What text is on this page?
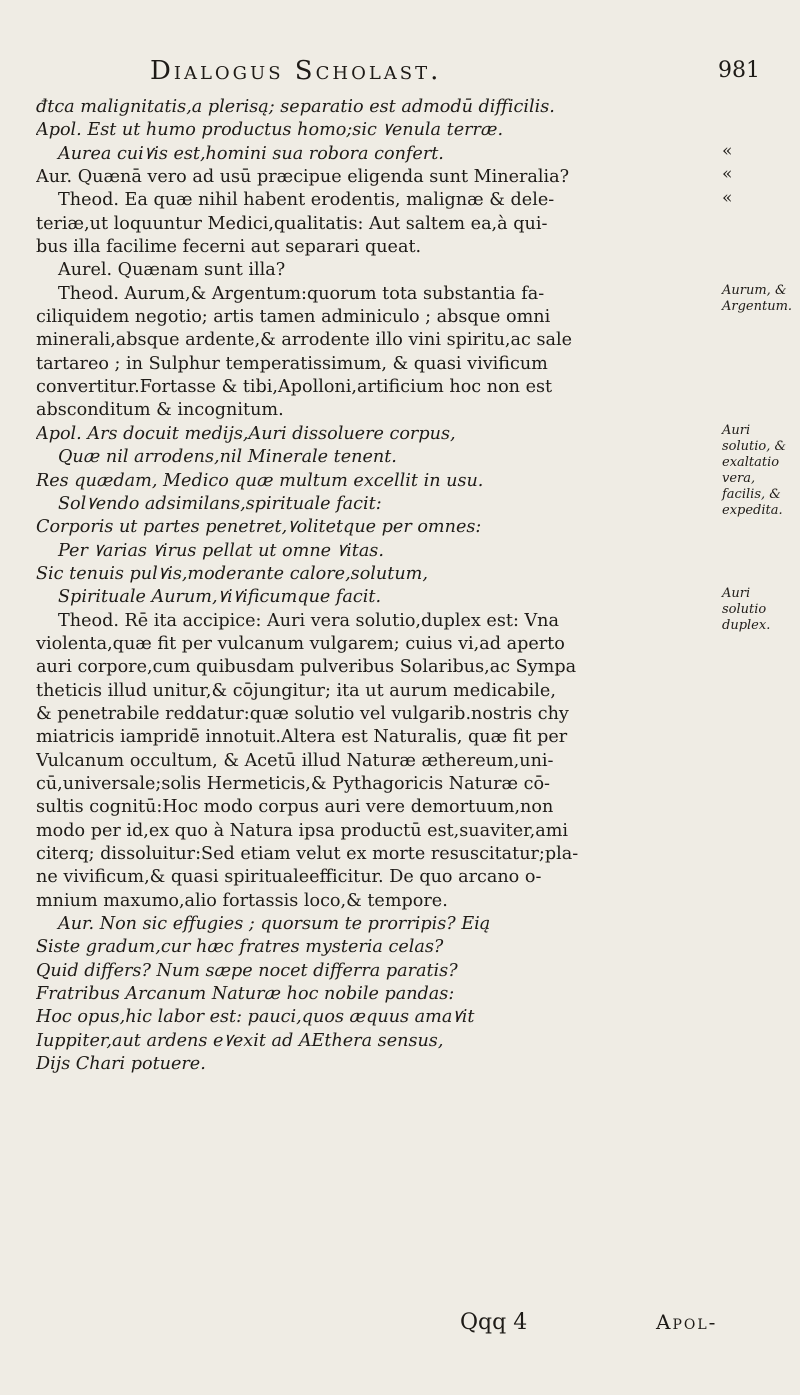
Dialogus Scholast.	981
đtca malignitatis,a plerisą; separatio est admodū difficilis.
Apol. Est ut humo productus homo;sic ۷enula terræ.
Aurea cui۷is est,homini sua robora confert.
Aur. Quænā vero ad usū præcipue eligenda sunt Mineralia?
Theod. Ea quæ nihil habent erodentis, malignæ & dele-
teriæ,ut loquuntur Medici,qualitatis: Aut saltem ea,à qui-
bus illa facilime fecerni aut separari queat.
Aurel. Quænam sunt illa?
Theod. Aurum,& Argentum:quorum tota substantia fa-
ciliquidem negotio; artis tamen adminiculo ; absque omni
minerali,absque ardente,& arrodente illo vini spiritu,ac sale
tartareo ; in Sulphur temperatissimum, & quasi vivificum
convertitur.Fortasse & tibi,Apolloni,artificium hoc non est
absconditum & incognitum.
Apol. Ars docuit medijs,Auri dissoluere corpus,
Quæ nil arrodens,nil Minerale tenent.
Res quædam, Medico quæ multum excellit in usu.
Sol۷endo adsimilans,spirituale facit:
Corporis ut partes penetret,۷olitetque per omnes:
Per ۷arias ۷irus pellat ut omne ۷itas.
Sic tenuis pul۷is,moderante calore,solutum,
Spirituale Aurum,۷i۷ificumque facit.
Theod. Rē ita accipice: Auri vera solutio,duplex est: Vna
violenta,quæ fit per vulcanum vulgarem; cuius vi,ad aperto
auri corpore,cum quibusdam pulveribus Solaribus,ac Sympa
theticis illud unitur,& cōjungitur; ita ut aurum medicabile,
& penetrabile reddatur:quæ solutio vel vulgarib.nostris chy
miatricis iampridē innotuit.Altera est Naturalis, quæ fit per
Vulcanum occultum, & Acetū illud Naturæ æthereum,uni-
cū,universale;solis Hermeticis,& Pythagoricis Naturæ cō-
sultis cognitū:Hoc modo corpus auri vere demortuum,non
modo per id,ex quo à Natura ipsa productū est,suaviter,ami
citerq; dissoluitur:Sed etiam velut ex morte resuscitatur;pla-
ne vivificum,& quasi spiritualeefficitur. De quo arcano o-
mnium maxumo,alio fortassis loco,& tempore.
Aur. Non sic effugies ; quorsum te prorripis? Eią
Siste gradum,cur hæc fratres mysteria celas?
Quid differs? Num sæpe nocet differra paratis?
Fratribus Arcanum Naturæ hoc nobile pandas:
Hoc opus,hic labor est: pauci,quos æquus ama۷it
Iuppiter,aut ardens e۷exit ad AEthera sensus,
Dijs Chari potuere.
«
«
«
Aurum, & Argentum.
Auri solutio, & exaltatio vera, facilis, & expedita.
Auri solutio duplex.
Qqq 4	Apol-
